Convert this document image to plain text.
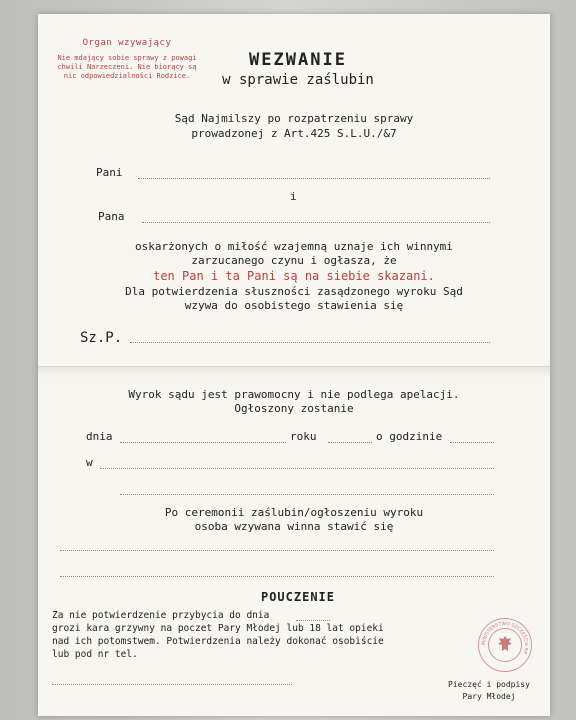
Organ wzywający
Nie mdający sobie sprawy z powagi chwili Narzeczeni. Nie biorący są nic odpowiedzialności Rodzice.
WEZWANIE
w sprawie zaślubin
Sąd Najmilszy po rozpatrzeniu sprawy
prowadzonej z Art.425 S.L.U./&7
Pani
i
Pana
oskarżonych o miłość wzajemną uznaje ich winnymi
zarzucanego czynu i ogłasza, że
ten Pan i ta Pani są na siebie skazani.
Dla potwierdzenia słuszności zasądzonego wyroku Sąd
wzywa do osobistego stawienia się
Sz.P.
Wyrok sądu jest prawomocny i nie podlega apelacji.
Ogłoszony zostanie
dnia	roku	o godzinie
w
Po ceremonii zaślubin/ogłoszeniu wyroku
osoba wzywana winna stawić się
POUCZENIE
Za nie potwierdzenie przybycia do dnia
grozi kara grzywny na poczet Pary Młodej lub 18 lat opieki
nad ich potomstwem. Potwierdzenia należy dokonać osobiście
lub pod nr tel.
MINISTERSTWO SZCZĘŚCIA RP
Pieczęć i podpisy
Pary Młodej
